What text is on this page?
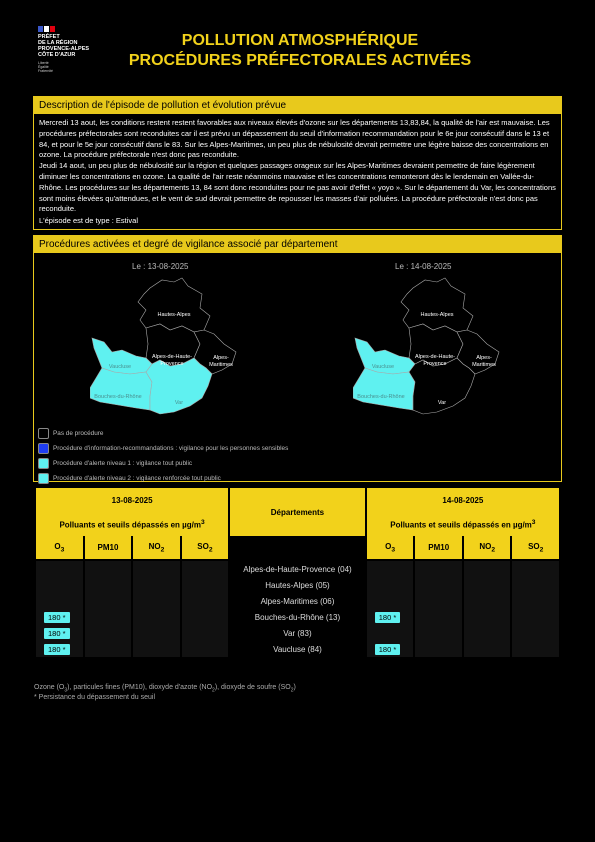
PRÉFET
DE LA RÉGION
PROVENCE-ALPES
CÔTE D'AZUR
Liberté
Égalité
Fraternité
POLLUTION ATMOSPHÉRIQUE
PROCÉDURES PRÉFECTORALES ACTIVÉES
Description de l'épisode de pollution et évolution prévue
Mercredi 13 aout, les conditions restent restent favorables aux niveaux élevés d'ozone sur les départements 13,83,84, la qualité de l'air est mauvaise. Les procédures préfectorales sont reconduites car il est prévu un dépassement du seuil d'information recommandation pour le 6e jour consécutif dans le 13 et 84, et pour le 5e jour consécutif dans le 83. Sur les Alpes-Maritimes, un peu plus de nébulosité devrait permettre une légère baisse des concentrations en ozone. La procédure préfectorale n'est donc pas reconduite.
Jeudi 14 aout, un peu plus de nébulosité sur la région et quelques passages orageux sur les Alpes-Maritimes devraient permettre de faire légèrement diminuer les concentrations en ozone. La qualité de l'air reste néanmoins mauvaise et les concentrations remonteront dès le lendemain en Vallée-du-Rhône. Les procédures sur les départements 13, 84 sont donc reconduites pour ne pas avoir d'effet « yoyo ». Sur le département du Var, les concentrations sont moins élevées qu'attendues, et le vent de sud devrait permettre de repousser les masses d'air polluées. La procédure préfectorale n'est donc pas reconduite.
L'épisode est de type : Estival
Procédures activées et degré de vigilance associé par département
Le : 13-08-2025	Le : 14-08-2025
Hautes-Alpes
Alpes-de-Haute-
Provence
Alpes-
Maritimes
Vaucluse
Bouches-du-Rhône
Var
Hautes-Alpes
Alpes-de-Haute-
Provence
Alpes-
Maritimes
Vaucluse
Bouches-du-Rhône
Var
Pas de procédure
Procédure d'information-recommandations : vigilance pour les personnes sensibles
Procédure d'alerte niveau 1 : vigilance tout public
Procédure d'alerte niveau 2 : vigilance renforcée tout public
13-08-2025				Départements	14-08-2025			
Polluants et seuils dépassés en $\mu g/m^3$					Polluants et seuils dépassés en $\mu g/m^3$
$O_3$	PM10	$NO_2$	$SO_2$		$O_3$	PM10	$NO_2$	$SO_2$

				Alpes-de-Haute-Provence (04)				
				Hautes-Alpes (05)				
				Alpes-Maritimes (06)				
180 *				Bouches-du-Rhône (13)	180 *			
180 *				Var (83)				
180 *				Vaucluse (84)	180 *			
Ozone $(O_3)$, particules fines (PM10), dioxyde d'azote $(NO_2)$, dioxyde de soufre $(SO_2)$
* Persistance du dépassement du seuil
